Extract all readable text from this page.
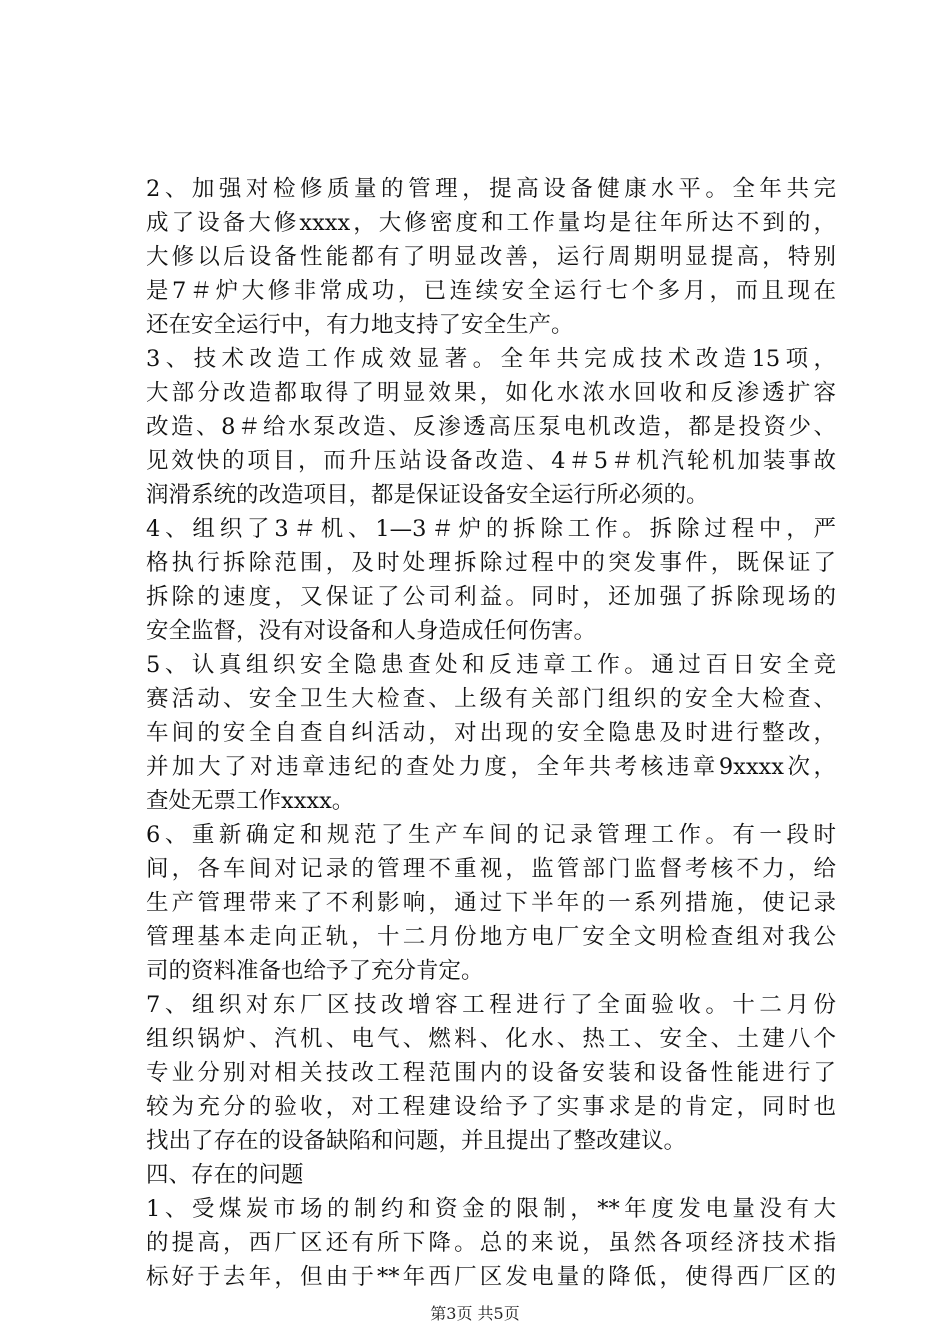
2、加强对检修质量的管理，提高设备健康水平。全年共完
成了设备大修xxxx，大修密度和工作量均是往年所达不到的，
大修以后设备性能都有了明显改善，运行周期明显提高，特别
是7＃炉大修非常成功，已连续安全运行七个多月，而且现在
还在安全运行中，有力地支持了安全生产。
3、技术改造工作成效显著。全年共完成技术改造15项，
大部分改造都取得了明显效果，如化水浓水回收和反渗透扩容
改造、8＃给水泵改造、反渗透高压泵电机改造，都是投资少、
见效快的项目，而升压站设备改造、4＃5＃机汽轮机加装事故
润滑系统的改造项目，都是保证设备安全运行所必须的。
4、组织了3＃机、1—3＃炉的拆除工作。拆除过程中，严
格执行拆除范围，及时处理拆除过程中的突发事件，既保证了
拆除的速度，又保证了公司利益。同时，还加强了拆除现场的
安全监督，没有对设备和人身造成任何伤害。
5、认真组织安全隐患查处和反违章工作。通过百日安全竞
赛活动、安全卫生大检查、上级有关部门组织的安全大检查、
车间的安全自查自纠活动，对出现的安全隐患及时进行整改，
并加大了对违章违纪的查处力度，全年共考核违章9xxxx次，
查处无票工作xxxx。
6、重新确定和规范了生产车间的记录管理工作。有一段时
间，各车间对记录的管理不重视，监管部门监督考核不力，给
生产管理带来了不利影响，通过下半年的一系列措施，使记录
管理基本走向正轨，十二月份地方电厂安全文明检查组对我公
司的资料准备也给予了充分肯定。
7、组织对东厂区技改增容工程进行了全面验收。十二月份
组织锅炉、汽机、电气、燃料、化水、热工、安全、土建八个
专业分别对相关技改工程范围内的设备安装和设备性能进行了
较为充分的验收，对工程建设给予了实事求是的肯定，同时也
找出了存在的设备缺陷和问题，并且提出了整改建议。
四、存在的问题
1、受煤炭市场的制约和资金的限制，**年度发电量没有大
的提高，西厂区还有所下降。总的来说，虽然各项经济技术指
标好于去年，但由于**年西厂区发电量的降低，使得西厂区的
第3页 共5页
